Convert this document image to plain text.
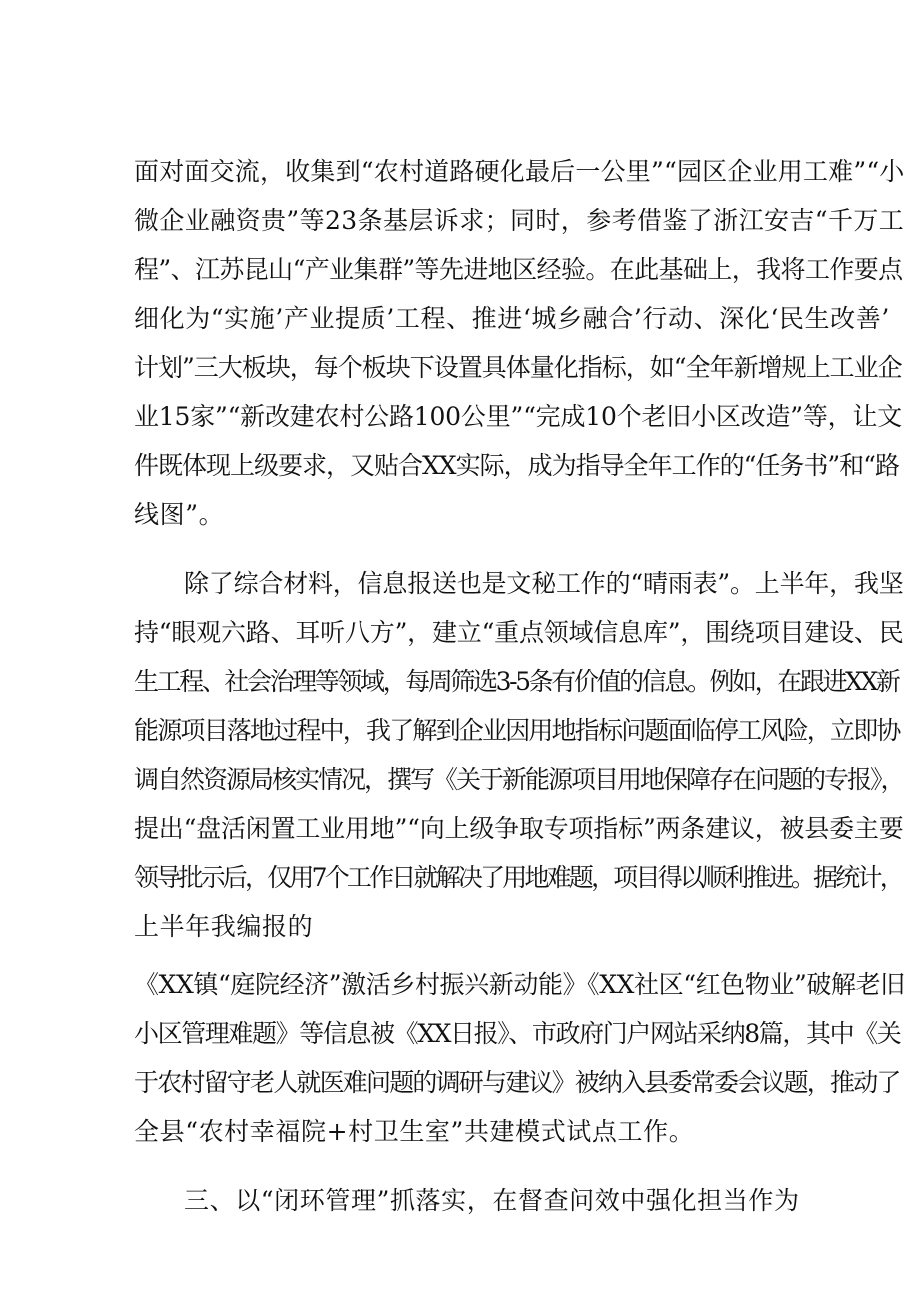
面对面交流，收集到“农村道路硬化最后一公里”“园区企业用工难”“小

微企业融资贵”等23条基层诉求；同时，参考借鉴了浙江安吉“千万工

程”、江苏昆山“产业集群”等先进地区经验。在此基础上，我将工作要点

细化为“实施’产业提质’工程、推进‘城乡融合’行动、深化‘民生改善’

计划”三大板块，每个板块下设置具体量化指标，如“全年新增规上工业企

业15家”“新改建农村公路100公里”“完成10个老旧小区改造”等，让文

件既体现上级要求，又贴合XX实际，成为指导全年工作的“任务书”和“路

线图”。

除了综合材料，信息报送也是文秘工作的“晴雨表”。上半年，我坚

持“眼观六路、耳听八方”，建立“重点领域信息库”，围绕项目建设、民

生工程、社会治理等领域，每周筛选3-5条有价值的信息。例如，在跟进XX新

能源项目落地过程中，我了解到企业因用地指标问题面临停工风险，立即协

调自然资源局核实情况，撰写《关于新能源项目用地保障存在问题的专报》，

提出“盘活闲置工业用地”“向上级争取专项指标”两条建议，被县委主要

领导批示后，仅用7个工作日就解决了用地难题，项目得以顺利推进。据统计，

上半年我编报的

《XX镇“庭院经济”激活乡村振兴新动能》《XX社区“红色物业”破解老旧

小区管理难题》等信息被《XX日报》、市政府门户网站采纳8篇，其中《关

于农村留守老人就医难问题的调研与建议》被纳入县委常委会议题，推动了

全县“农村幸福院+村卫生室”共建模式试点工作。

三、以“闭环管理”抓落实，在督查问效中强化担当作为
